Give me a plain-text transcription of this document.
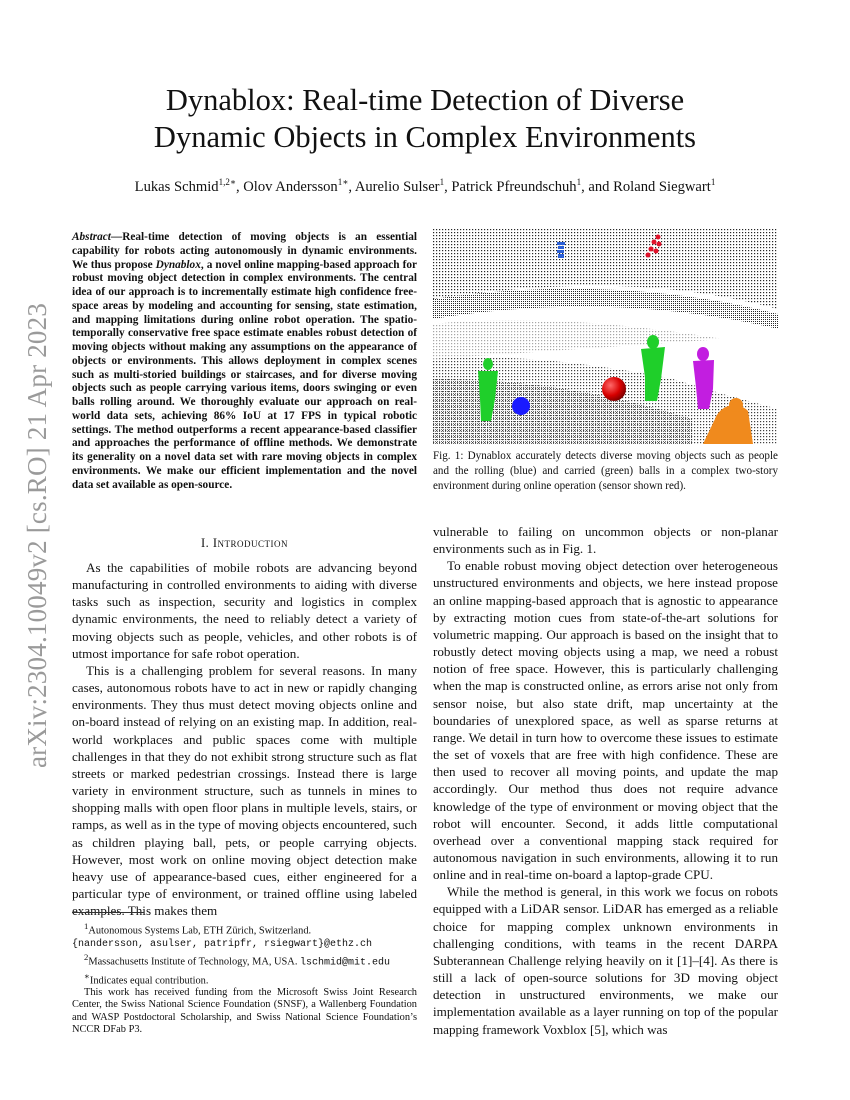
arXiv:2304.10049v2 [cs.RO] 21 Apr 2023
Dynablox: Real-time Detection of Diverse
Dynamic Objects in Complex Environments
Lukas Schmid$^{1,2∗}$, Olov Andersson$^{1∗}$, Aurelio Sulser$^1$, Patrick Pfreundschuh$^1$, and Roland Siegwart$^1$
Abstract—Real-time detection of moving objects is an essential capability for robots acting autonomously in dynamic environments. We thus propose Dynablox, a novel online mapping-based approach for robust moving object detection in complex environments. The central idea of our approach is to incrementally estimate high confidence free-space areas by modeling and accounting for sensing, state estimation, and mapping limitations during online robot operation. The spatio-temporally conservative free space estimate enables robust detection of moving objects without making any assumptions on the appearance of objects or environments. This allows deployment in complex scenes such as multi-storied buildings or staircases, and for diverse moving objects such as people carrying various items, doors swinging or even balls rolling around. We thoroughly evaluate our approach on real-world data sets, achieving 86% IoU at 17 FPS in typical robotic settings. The method outperforms a recent appearance-based classifier and approaches the performance of offline methods. We demonstrate its generality on a novel data set with rare moving objects in complex environments. We make our efficient implementation and the novel data set available as open-source.
I. Introduction

As the capabilities of mobile robots are advancing beyond manufacturing in controlled environments to aiding with diverse tasks such as inspection, security and logistics in complex dynamic environments, the need to reliably detect a variety of moving objects such as people, vehicles, and other robots is of utmost importance for safe robot operation.

This is a challenging problem for several reasons. In many cases, autonomous robots have to act in new or rapidly changing environments. They thus must detect moving objects online and on-board instead of relying on an existing map. In addition, real-world workplaces and public spaces come with multiple challenges in that they do not exhibit strong structure such as flat streets or marked pedestrian crossings. Instead there is large variety in environment structure, such as tunnels in mines to shopping malls with open floor plans in multiple levels, stairs, or ramps, as well as in the type of moving objects encountered, such as children playing ball, pets, or people carrying objects. However, most work on online moving object detection make heavy use of appearance-based cues, either engineered for a particular type of environment, or trained offline using labeled examples. This makes them

$^1$Autonomous Systems Lab, ETH Zürich, Switzerland.

{nandersson, asulser, patripfr, rsiegwart}@ethz.ch

$^2$Massachusetts Institute of Technology, MA, USA. lschmid@mit.edu

∗Indicates equal contribution.

This work has received funding from the Microsoft Swiss Joint Research Center, the Swiss National Science Foundation (SNSF), a Wallenberg Foundation and WASP Postdoctoral Scholarship, and Swiss National Science Foundation’s NCCR DFab P3.

Fig. 1: Dynablox accurately detects diverse moving objects such as people and the rolling (blue) and carried (green) balls in a complex two-story environment during online operation (sensor shown red).

vulnerable to failing on uncommon objects or non-planar environments such as in Fig. 1.

To enable robust moving object detection over heterogeneous unstructured environments and objects, we here instead propose an online mapping-based approach that is agnostic to appearance by extracting motion cues from state-of-the-art solutions for volumetric mapping. Our approach is based on the insight that to robustly detect moving objects using a map, we need a robust notion of free space. However, this is particularly challenging when the map is constructed online, as errors arise not only from sensor noise, but also state drift, map uncertainty at the boundaries of unexplored space, as well as sparse returns at range. We detail in turn how to overcome these issues to estimate the set of voxels that are free with high confidence. These are then used to recover all moving points, and update the map accordingly. Our method thus does not require advance knowledge of the type of environment or moving object that the robot will encounter. Second, it adds little computational overhead over a conventional mapping stack required for autonomous navigation in such environments, allowing it to run online and in real-time on-board a laptop-grade CPU.

While the method is general, in this work we focus on robots equipped with a LiDAR sensor. LiDAR has emerged as a reliable choice for mapping complex unknown environments in challenging conditions, with teams in the recent DARPA Subterannean Challenge relying heavily on it [1]–[4]. As there is still a lack of open-source solutions for 3D moving object detection in unstructured environments, we make our implementation available as a layer running on top of the popular mapping framework Voxblox [5], which was
